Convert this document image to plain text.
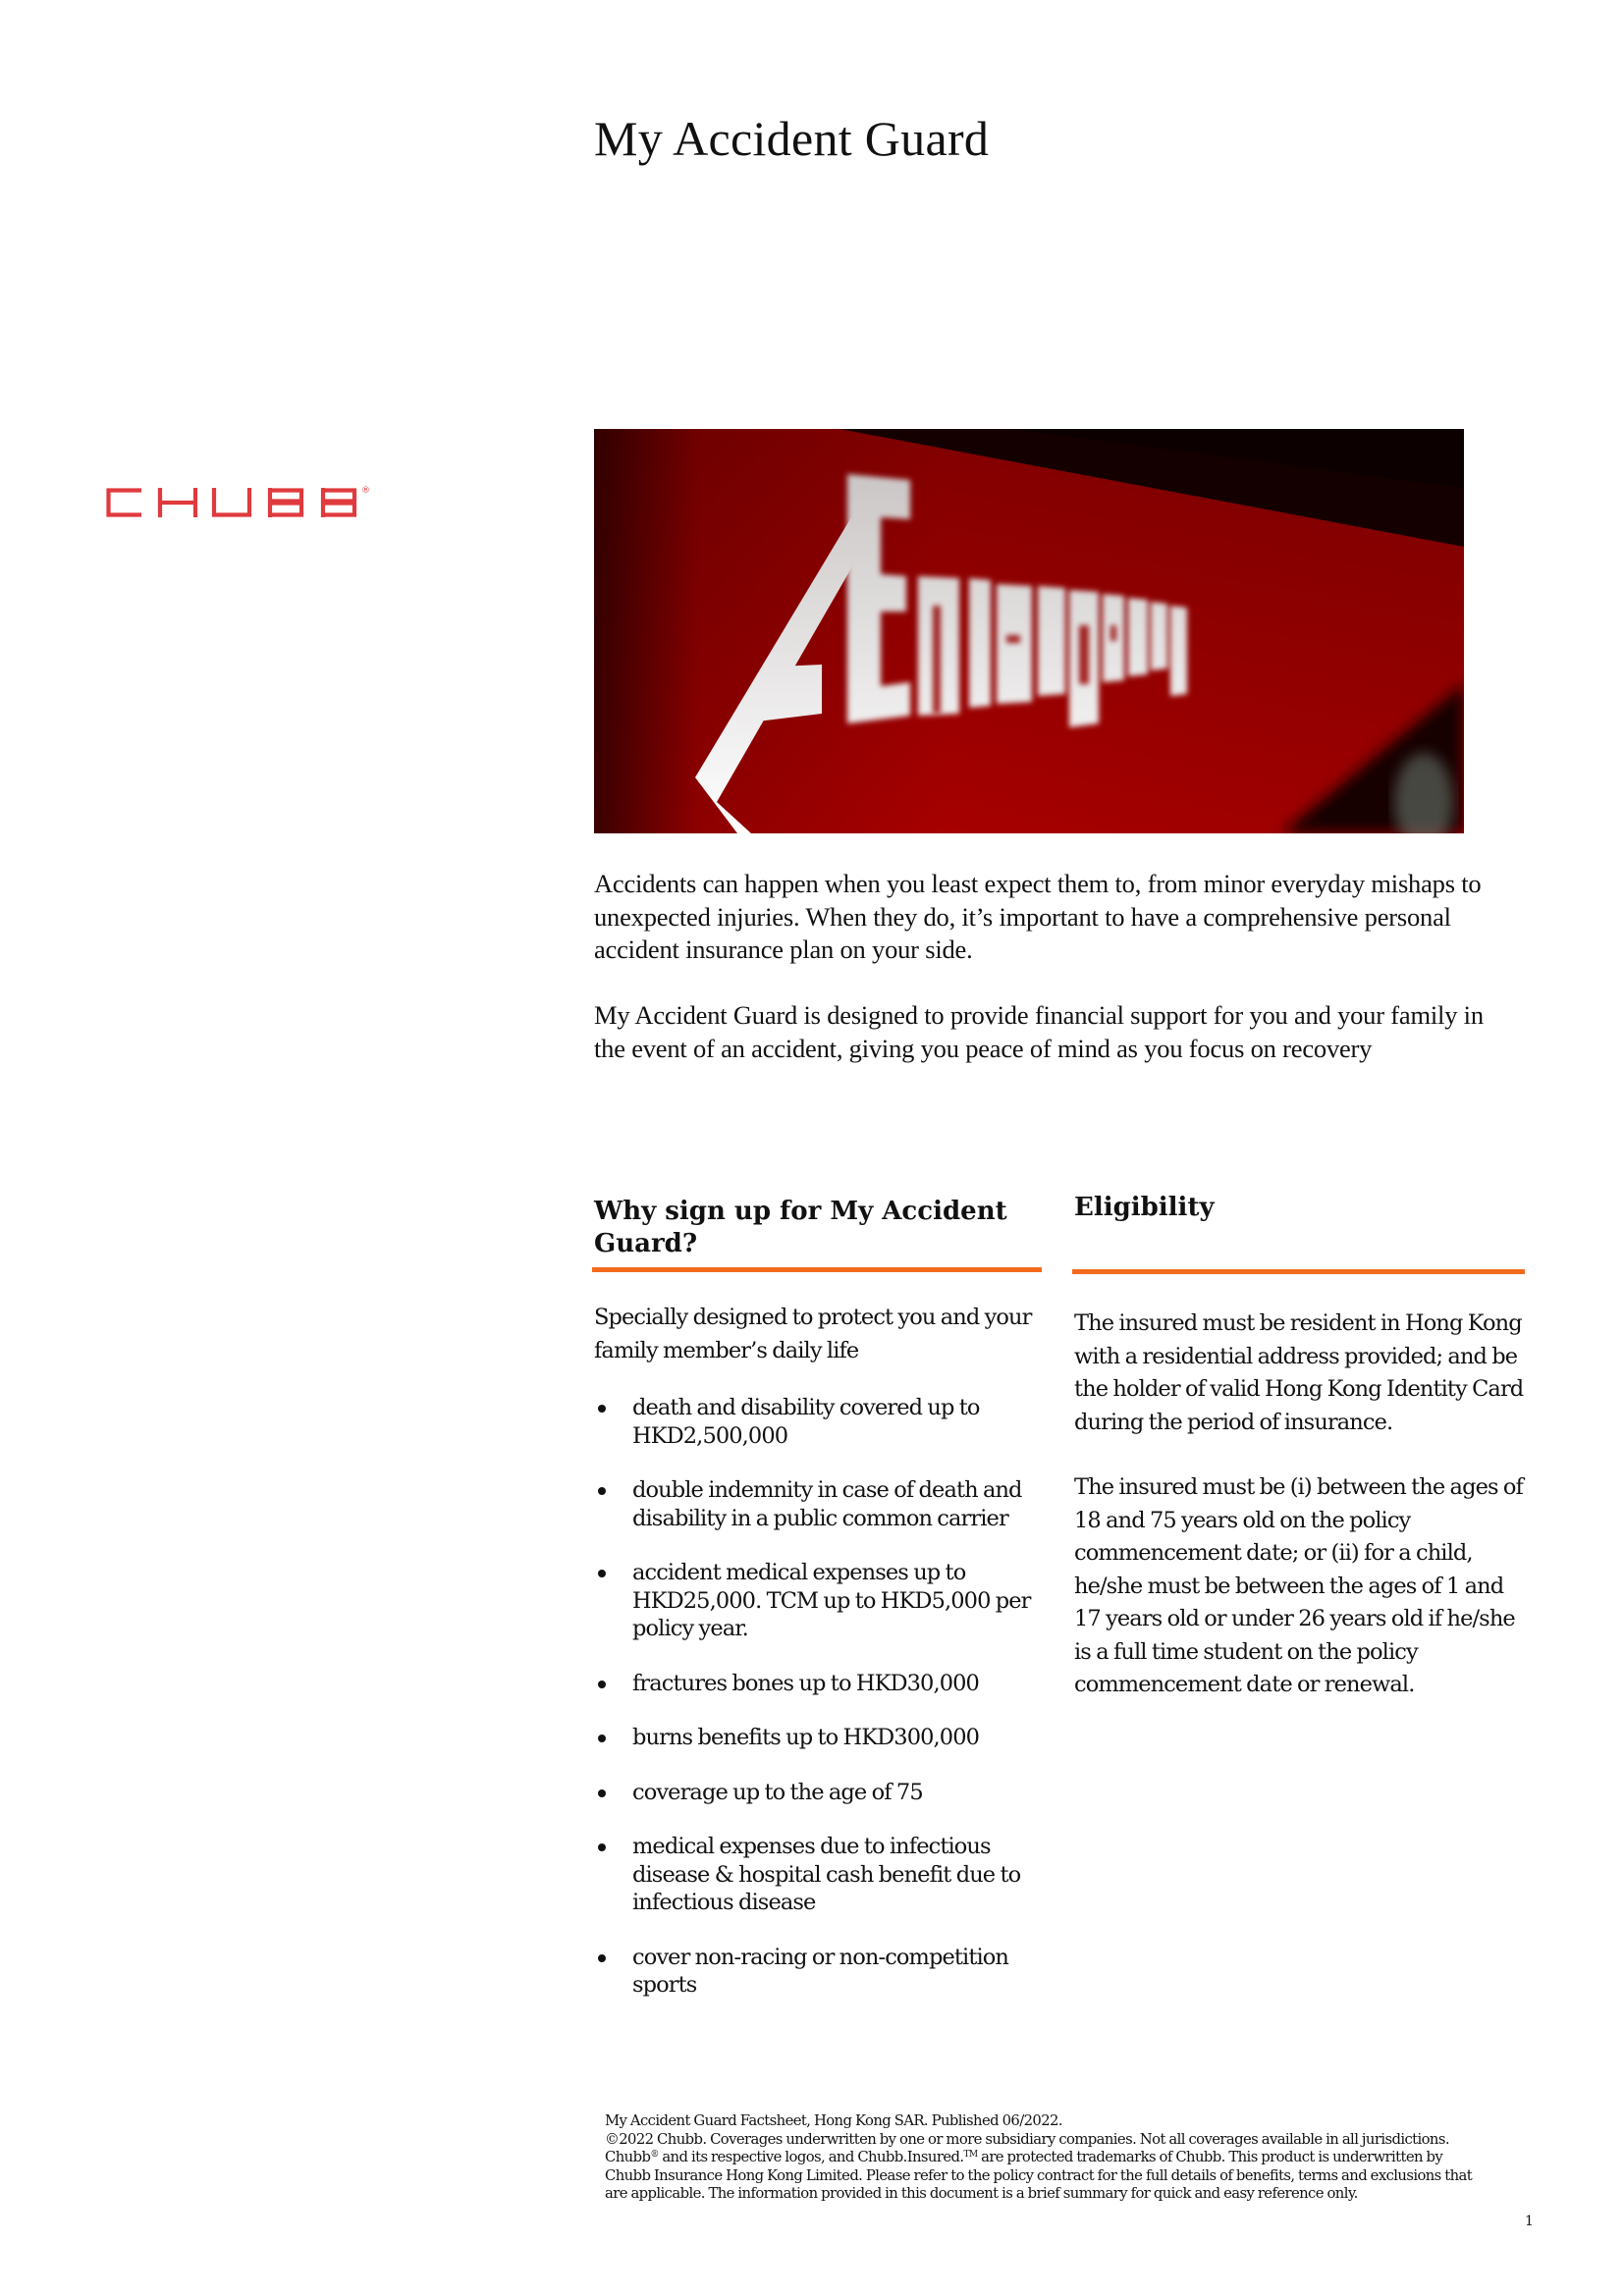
My Accident Guard
®

Accidents can happen when you least expect them to, from minor everyday mishaps to unexpected injuries. When they do, it’s important to have a comprehensive personal accident insurance plan on your side.

My Accident Guard is designed to provide financial support for you and your family in the event of an accident, giving you peace of mind as you focus on recovery

Why sign up for My Accident Guard?

Specially designed to protect you and your family member’s daily life

death and disability covered up to HKD2,500,000
double indemnity in case of death and disability in a public common carrier
accident medical expenses up to HKD25,000. TCM up to HKD5,000 per policy year.
fractures bones up to HKD30,000
burns benefits up to HKD300,000
coverage up to the age of 75
medical expenses due to infectious disease & hospital cash benefit due to infectious disease
cover non-racing or non-competition sports
Eligibility

The insured must be resident in Hong Kong with a residential address provided; and be the holder of valid Hong Kong Identity Card during the period of insurance.

The insured must be (i) between the ages of 18 and 75 years old on the policy commencement date; or (ii) for a child, he/she must be between the ages of 1 and 17 years old or under 26 years old if he/she is a full time student on the policy commencement date or renewal.

My Accident Guard Factsheet, Hong Kong SAR. Published 06/2022.

©2022 Chubb. Coverages underwritten by one or more subsidiary companies. Not all coverages available in all jurisdictions. Chubb® and its respective logos, and Chubb.Insured.™ are protected trademarks of Chubb. This product is underwritten by Chubb Insurance Hong Kong Limited. Please refer to the policy contract for the full details of benefits, terms and exclusions that are applicable. The information provided in this document is a brief summary for quick and easy reference only.

1
